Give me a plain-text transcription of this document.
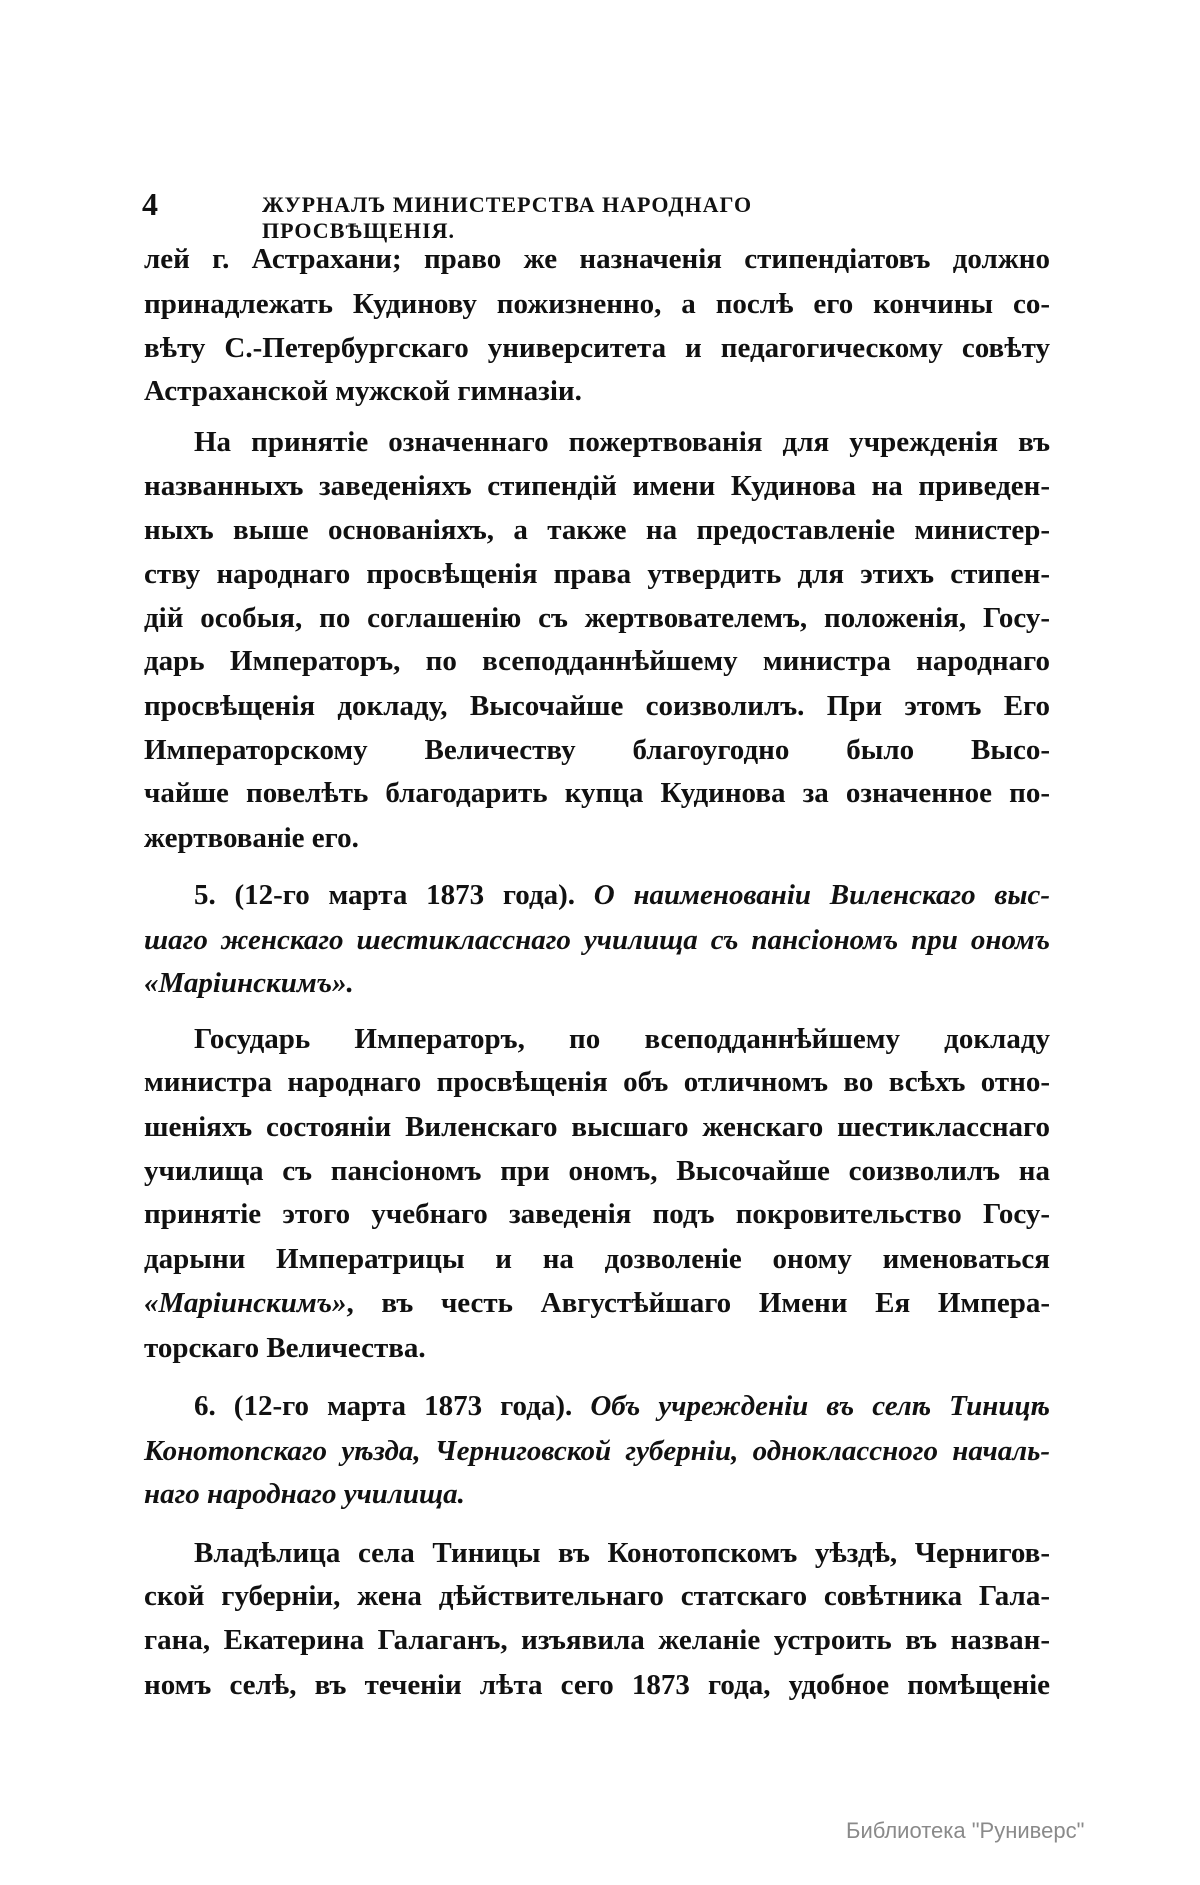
4	ЖУРНАЛЪ МИНИСТЕРСТВА НАРОДНАГО ПРОСВѢЩЕНІЯ.
лей г. Астрахани; право же назначенія стипендіатовъ должно
принадлежать Кудинову пожизненно, а послѣ его кончины со-
вѣту С.-Петербургскаго университета и педагогическому совѣту
Астраханской мужской гимназіи.
На принятіе означеннаго пожертвованія для учрежденія въ
названныхъ заведеніяхъ стипендій имени Кудинова на приведен-
ныхъ выше основаніяхъ, а также на предоставленіе министер-
ству народнаго просвѣщенія права утвердить для этихъ стипен-
дій особыя, по соглашенію съ жертвователемъ, положенія, Госу-
дарь Императоръ, по всеподданнѣйшему министра народнаго
просвѣщенія докладу, Высочайше соизволилъ. При этомъ Его
Императорскому Величеству благоугодно было Высо-
чайше повелѣть благодарить купца Кудинова за означенное по-
жертвованіе его.
5. (12-го марта 1873 года). О наименованіи Виленскаго выс-
шаго женскаго шестикласснаго училища съ пансіономъ при ономъ
«Маріинскимъ».
Государь Императоръ, по всеподданнѣйшему докладу
министра народнаго просвѣщенія объ отличномъ во всѣхъ отно-
шеніяхъ состояніи Виленскаго высшаго женскаго шестикласснаго
училища съ пансіономъ при ономъ, Высочайше соизволилъ на
принятіе этого учебнаго заведенія подъ покровительство Госу-
дарыни Императрицы и на дозволеніе оному именоваться
«Маріинскимъ», въ честь Августѣйшаго Имени Ея Импера-
торскаго Величества.
6. (12-го марта 1873 года). Объ учрежденіи въ селѣ Тиницѣ
Конотопскаго уѣзда, Черниговской губерніи, одноклассного началь-
наго народнаго училища.
Владѣлица села Тиницы въ Конотопскомъ уѣздѣ, Чернигов-
ской губерніи, жена дѣйствительнаго статскаго совѣтника Гала-
гана, Екатерина Галаганъ, изъявила желаніе устроить въ назван-
номъ селѣ, въ теченіи лѣта сего 1873 года, удобное помѣщеніе
Библиотека "Руниверс"
